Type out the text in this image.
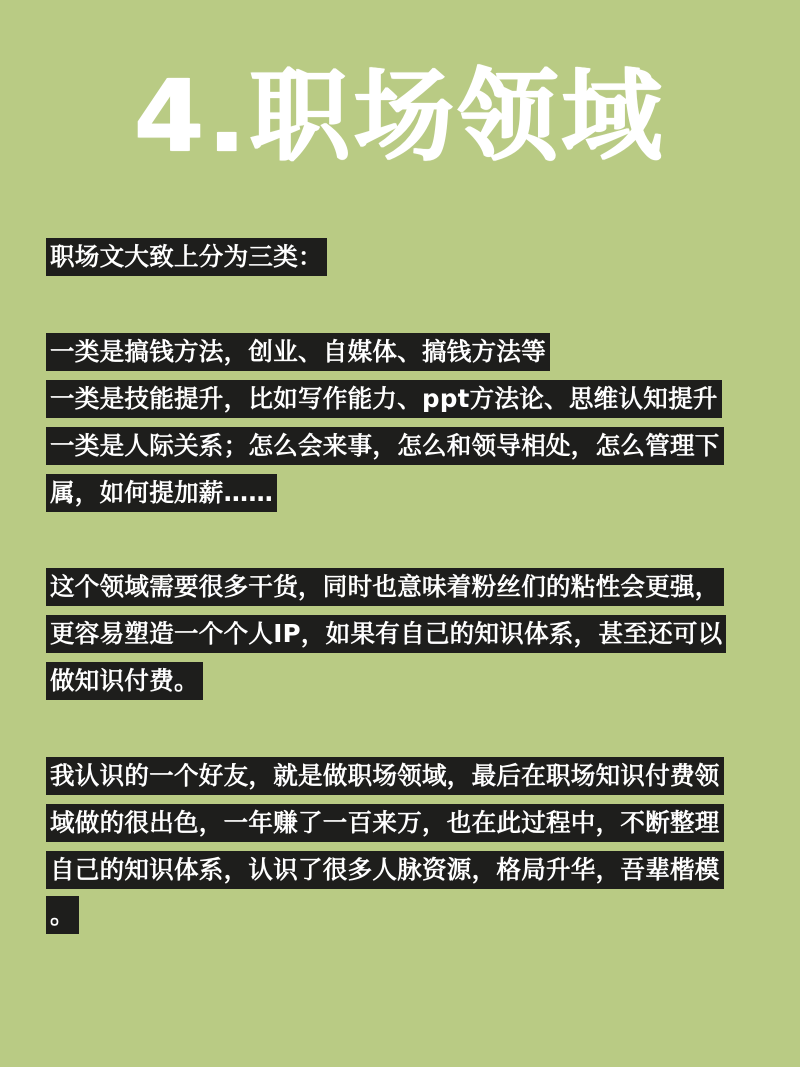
4.职场领域
职场文大致上分为三类：
一类是搞钱方法，创业、自媒体、搞钱方法等
一类是技能提升，比如写作能力、ppt方法论、思维认知提升
一类是人际关系；怎么会来事，怎么和领导相处，怎么管理下
属，如何提加薪……
这个领域需要很多干货，同时也意味着粉丝们的粘性会更强，
更容易塑造一个个人IP，如果有自己的知识体系，甚至还可以
做知识付费。
我认识的一个好友，就是做职场领域，最后在职场知识付费领
域做的很出色，一年赚了一百来万，也在此过程中，不断整理
自己的知识体系，认识了很多人脉资源，格局升华，吾辈楷模
。
